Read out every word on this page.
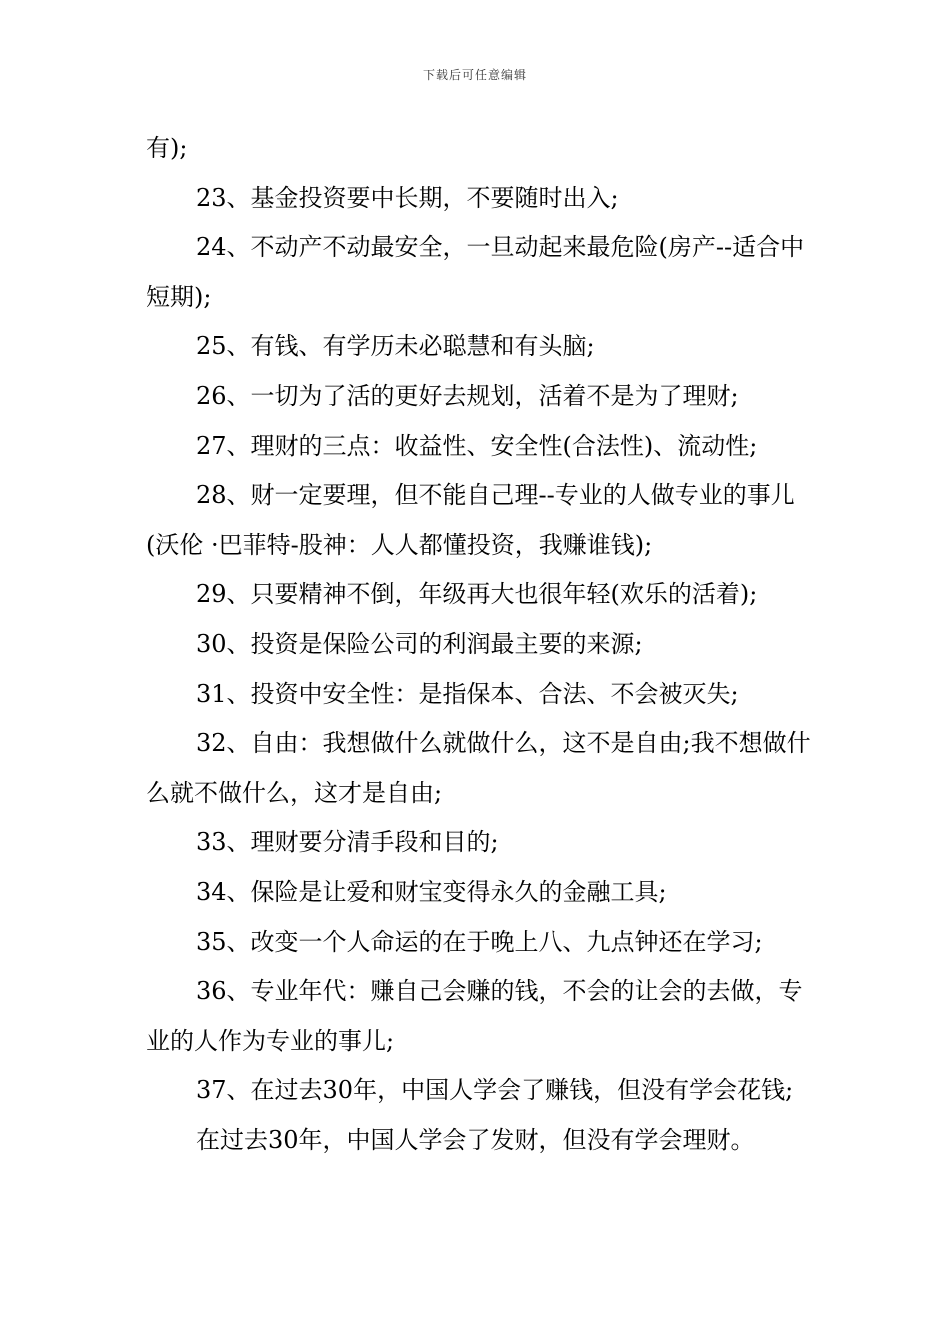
下载后可任意编辑

有);

23、基金投资要中长期，不要随时出入;

24、不动产不动最安全，一旦动起来最危险(房产--适合中短期);

25、有钱、有学历未必聪慧和有头脑;

26、一切为了活的更好去规划，活着不是为了理财;

27、理财的三点：收益性、安全性(合法性)、流动性;

28、财一定要理，但不能自己理--专业的人做专业的事儿(沃伦 ·巴菲特-股神：人人都懂投资，我赚谁钱);

29、只要精神不倒，年级再大也很年轻(欢乐的活着);

30、投资是保险公司的利润最主要的来源;

31、投资中安全性：是指保本、合法、不会被灭失;

32、自由：我想做什么就做什么，这不是自由;我不想做什么就不做什么，这才是自由;

33、理财要分清手段和目的;

34、保险是让爱和财宝变得永久的金融工具;

35、改变一个人命运的在于晚上八、九点钟还在学习;

36、专业年代：赚自己会赚的钱，不会的让会的去做，专业的人作为专业的事儿;

37、在过去30年，中国人学会了赚钱，但没有学会花钱;

在过去30年，中国人学会了发财，但没有学会理财。
